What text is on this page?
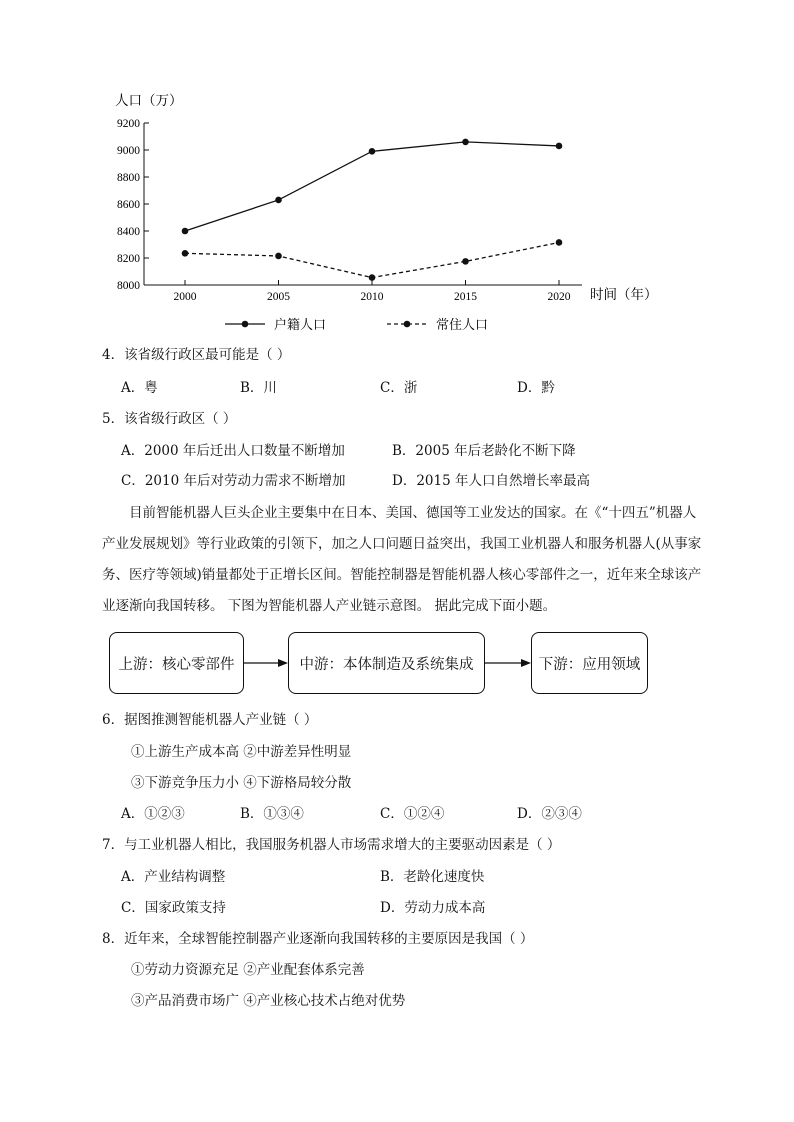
人口（万）
时间（年）
8000
8200
8400
8600
8800
9000
9200
2000	2005	2010	2015	2020
户籍人口	常住人口
4．该省级行政区最可能是（ ）
A．粤	B．川	C．浙	D．黔
5．该省级行政区（ ）
A．2000 年后迁出人口数量不断增加	B．2005 年后老龄化不断下降
C．2010 年后对劳动力需求不断增加	D．2015 年人口自然增长率最高
目前智能机器人巨头企业主要集中在日本、美国、德国等工业发达的国家。在《“十四五”机器人产业发展规划》等行业政策的引领下，加之人口问题日益突出，我国工业机器人和服务机器人(从事家务、医疗等领域)销量都处于正增长区间。智能控制器是智能机器人核心零部件之一，近年来全球该产业逐渐向我国转移。 下图为智能机器人产业链示意图。 据此完成下面小题。
上游：核心零部件	中游：本体制造及系统集成	下游：应用领域
6．据图推测智能机器人产业链（ ）
①上游生产成本高 ②中游差异性明显
③下游竞争压力小 ④下游格局较分散
A．①②③	B．①③④	C．①②④	D．②③④
7．与工业机器人相比，我国服务机器人市场需求增大的主要驱动因素是（ ）
A．产业结构调整	B．老龄化速度快
C．国家政策支持	D．劳动力成本高
8．近年来，全球智能控制器产业逐渐向我国转移的主要原因是我国（ ）
①劳动力资源充足 ②产业配套体系完善
③产品消费市场广 ④产业核心技术占绝对优势
